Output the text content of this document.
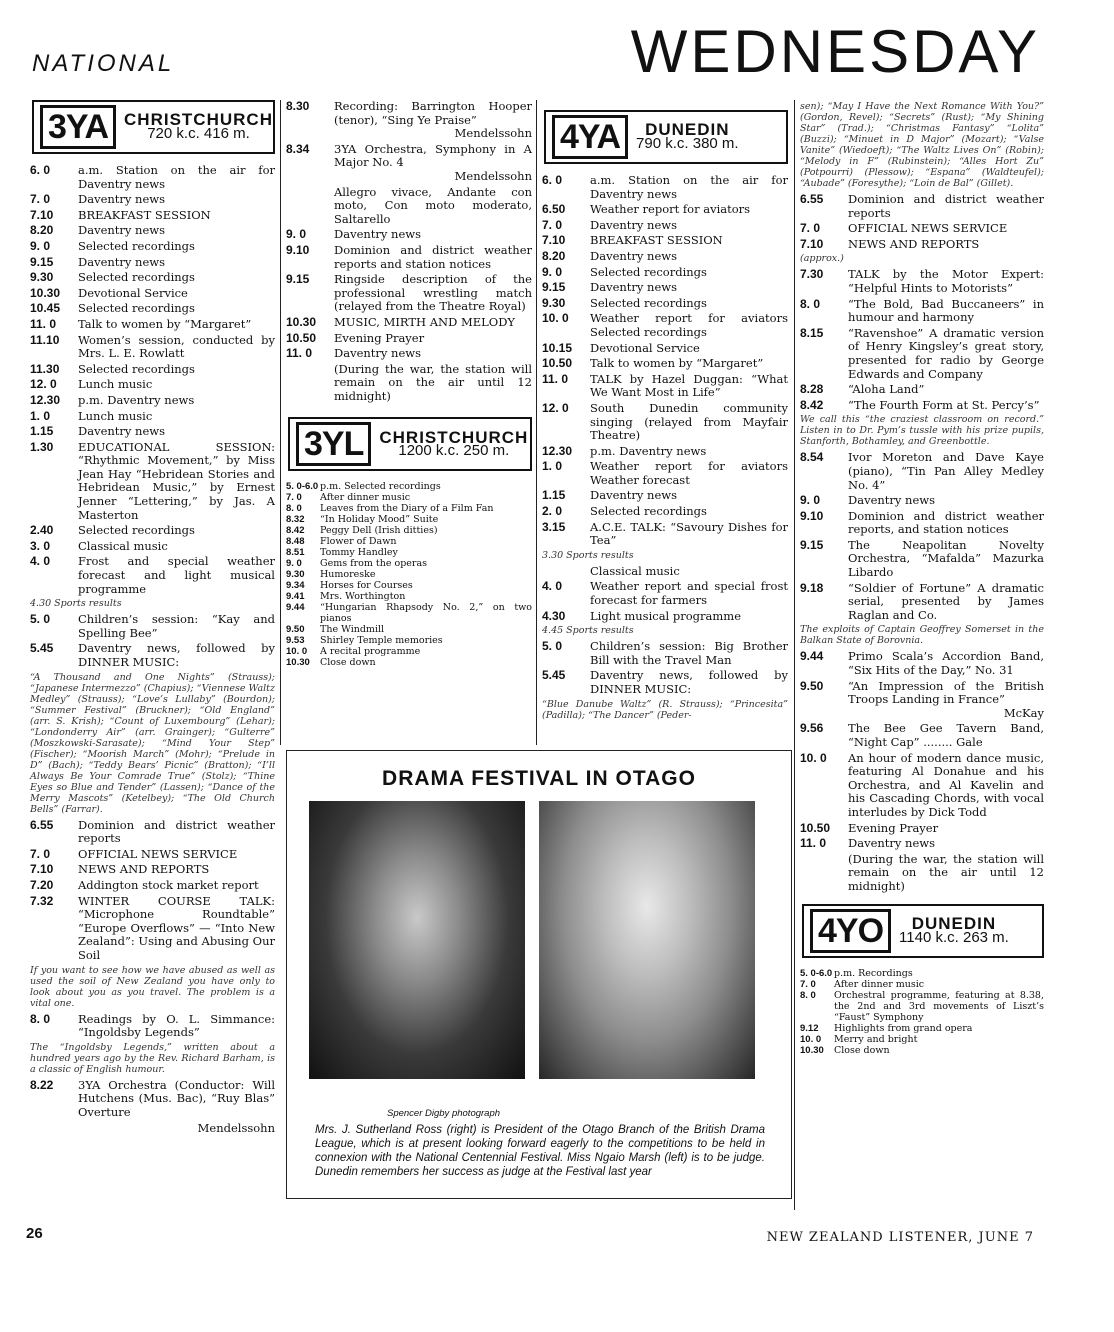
NATIONAL	WEDNESDAY
3YA CHRISTCHURCH
720 k.c. 416 m.
6. 0	a.m. Station on the air for Daventry news
7. 0	Daventry news
7.10	BREAKFAST SESSION
8.20	Daventry news
9. 0	Selected recordings
9.15	Daventry news
9.30	Selected recordings
10.30	Devotional Service
10.45	Selected recordings
11. 0	Talk to women by “Margaret”
11.10	Women’s session, conducted by Mrs. L. E. Rowlatt
11.30	Selected recordings
12. 0	Lunch music
12.30	p.m. Daventry news
1. 0	Lunch music
1.15	Daventry news
1.30	EDUCATIONAL SESSION: “Rhythmic Movement,” by Miss Jean Hay “Hebridean Stories and Hebridean Music,” by Ernest Jenner “Lettering,” by Jas. A Masterton
2.40	Selected recordings
3. 0	Classical music
4. 0	Frost and special weather forecast and light musical programme
4.30 Sports results
5. 0	Children’s session: “Kay and Spelling Bee”
5.45	Daventry news, followed by DINNER MUSIC:
“A Thousand and One Nights” (Strauss); “Japanese Intermezzo” (Chapius); “Viennese Waltz Medley” (Strauss); “Love’s Lullaby” (Bourdon); “Summer Festival” (Bruckner); “Old England” (arr. S. Krish); “Count of Luxembourg” (Lehar); “Londonderry Air” (arr. Grainger); “Gulterre” (Moszkowski-Sarasate); “Mind Your Step” (Fischer); “Moorish March” (Mohr); “Prelude in D” (Bach); “Teddy Bears’ Picnic” (Bratton); “I’ll Always Be Your Comrade True” (Stolz); “Thine Eyes so Blue and Tender” (Lassen); “Dance of the Merry Mascots” (Ketelbey); “The Old Church Bells” (Farrar).
6.55	Dominion and district weather reports
7. 0	OFFICIAL NEWS SERVICE
7.10	NEWS AND REPORTS
7.20	Addington stock market report
7.32	WINTER COURSE TALK: “Microphone Roundtable” “Europe Overflows” — “Into New Zealand”: Using and Abusing Our Soil
If you want to see how we have abused as well as used the soil of New Zealand you have only to look about you as you travel. The problem is a vital one.
8. 0	Readings by O. L. Simmance: “Ingoldsby Legends”
The “Ingoldsby Legends,” written about a hundred years ago by the Rev. Richard Barham, is a classic of English humour.
8.22	3YA Orchestra (Conductor: Will Hutchens (Mus. Bac), “Ruy Blas” Overture
Mendelssohn
8.30	Recording: Barrington Hooper (tenor), “Sing Ye Praise”
Mendelssohn
8.34	3YA Orchestra, Symphony in A Major No. 4
Mendelssohn
Allegro vivace, Andante con moto, Con moto moderato, Saltarello
9. 0	Daventry news
9.10	Dominion and district weather reports and station notices
9.15	Ringside description of the professional wrestling match (relayed from the Theatre Royal)
10.30	MUSIC, MIRTH AND MELODY
10.50	Evening Prayer
11. 0	Daventry news
(During the war, the station will remain on the air until 12 midnight)
3YL CHRISTCHURCH
1200 k.c. 250 m.
5. 0-6.0 p.m. Selected recordings
7. 0	After dinner music
8. 0	Leaves from the Diary of a Film Fan
8.32	“In Holiday Mood” Suite
8.42	Peggy Dell (Irish ditties)
8.48	Flower of Dawn
8.51	Tommy Handley
9. 0	Gems from the operas
9.30	Humoreske
9.34	Horses for Courses
9.41	Mrs. Worthington
9.44	“Hungarian Rhapsody No. 2,” on two pianos
9.50	The Windmill
9.53	Shirley Temple memories
10. 0	A recital programme
10.30	Close down
4YA	DUNEDIN
790 k.c. 380 m.
6. 0	a.m. Station on the air for Daventry news
6.50	Weather report for aviators
7. 0	Daventry news
7.10	BREAKFAST SESSION
8.20	Daventry news
9. 0	Selected recordings
9.15	Daventry news
9.30	Selected recordings
10. 0	Weather report for aviators Selected recordings
10.15	Devotional Service
10.50	Talk to women by “Margaret”
11. 0	TALK by Hazel Duggan: “What We Want Most in Life”
12. 0	South Dunedin community singing (relayed from Mayfair Theatre)
12.30	p.m. Daventry news
1. 0	Weather report for aviators Weather forecast
1.15	Daventry news
2. 0	Selected recordings
3.15	A.C.E. TALK: “Savoury Dishes for Tea”
3.30 Sports results
Classical music
4. 0	Weather report and special frost forecast for farmers
4.30	Light musical programme
4.45 Sports results
5. 0	Children’s session: Big Brother Bill with the Travel Man
5.45	Daventry news, followed by DINNER MUSIC:
“Blue Danube Waltz” (R. Strauss); “Princesita” (Padilla); “The Dancer” (Peder-
sen); “May I Have the Next Romance With You?” (Gordon, Revel); “Secrets” (Rust); “My Shining Star” (Trad.); “Christmas Fantasy” “Lolita” (Buzzi); “Minuet in D Major” (Mozart); “Valse Vanite” (Wiedoeft); “The Waltz Lives On” (Robin); “Melody in F” (Rubinstein); “Alles Hort Zu” (Potpourri) (Plessow); “Espana” (Waldteufel); “Aubade” (Foresythe); “Loin de Bal” (Gillet).
6.55	Dominion and district weather reports
7. 0	OFFICIAL NEWS SERVICE
7.10	NEWS AND REPORTS
(approx.)
7.30	TALK by the Motor Expert: “Helpful Hints to Motorists”
8. 0	“The Bold, Bad Buccaneers” in humour and harmony
8.15	“Ravenshoe” A dramatic version of Henry Kingsley’s great story, presented for radio by George Edwards and Company
8.28	“Aloha Land”
8.42	“The Fourth Form at St. Percy’s”
We call this “the craziest classroom on record.” Listen in to Dr. Pym’s tussle with his prize pupils, Stanforth, Bothamley, and Greenbottle.
8.54	Ivor Moreton and Dave Kaye (piano), “Tin Pan Alley Medley No. 4”
9. 0	Daventry news
9.10	Dominion and district weather reports, and station notices
9.15	The Neapolitan Novelty Orchestra, “Mafalda” Mazurka Libardo
9.18	“Soldier of Fortune” A dramatic serial, presented by James Raglan and Co.
The exploits of Captain Geoffrey Somerset in the Balkan State of Borovnia.
9.44	Primo Scala’s Accordion Band, “Six Hits of the Day,” No. 31
9.50	“An Impression of the British Troops Landing in France”
McKay
9.56	The Bee Gee Tavern Band, “Night Cap” ........ Gale
10. 0	An hour of modern dance music, featuring Al Donahue and his Orchestra, and Al Kavelin and his Cascading Chords, with vocal interludes by Dick Todd
10.50	Evening Prayer
11. 0	Daventry news
(During the war, the station will remain on the air until 12 midnight)
4YO	DUNEDIN
1140 k.c. 263 m.
5. 0-6.0 p.m. Recordings
7. 0	After dinner music
8. 0	Orchestral programme, featuring at 8.38, the 2nd and 3rd movements of Liszt’s “Faust” Symphony
9.12	Highlights from grand opera
10. 0	Merry and bright
10.30	Close down
DRAMA FESTIVAL IN OTAGO
Spencer Digby photograph
Mrs. J. Sutherland Ross (right) is President of the Otago Branch of the British Drama League, which is at present looking forward eagerly to the competitions to be held in connexion with the National Centennial Festival. Miss Ngaio Marsh (left) is to be judge. Dunedin remembers her success as judge at the Festival last year
26	NEW ZEALAND LISTENER, JUNE 7
